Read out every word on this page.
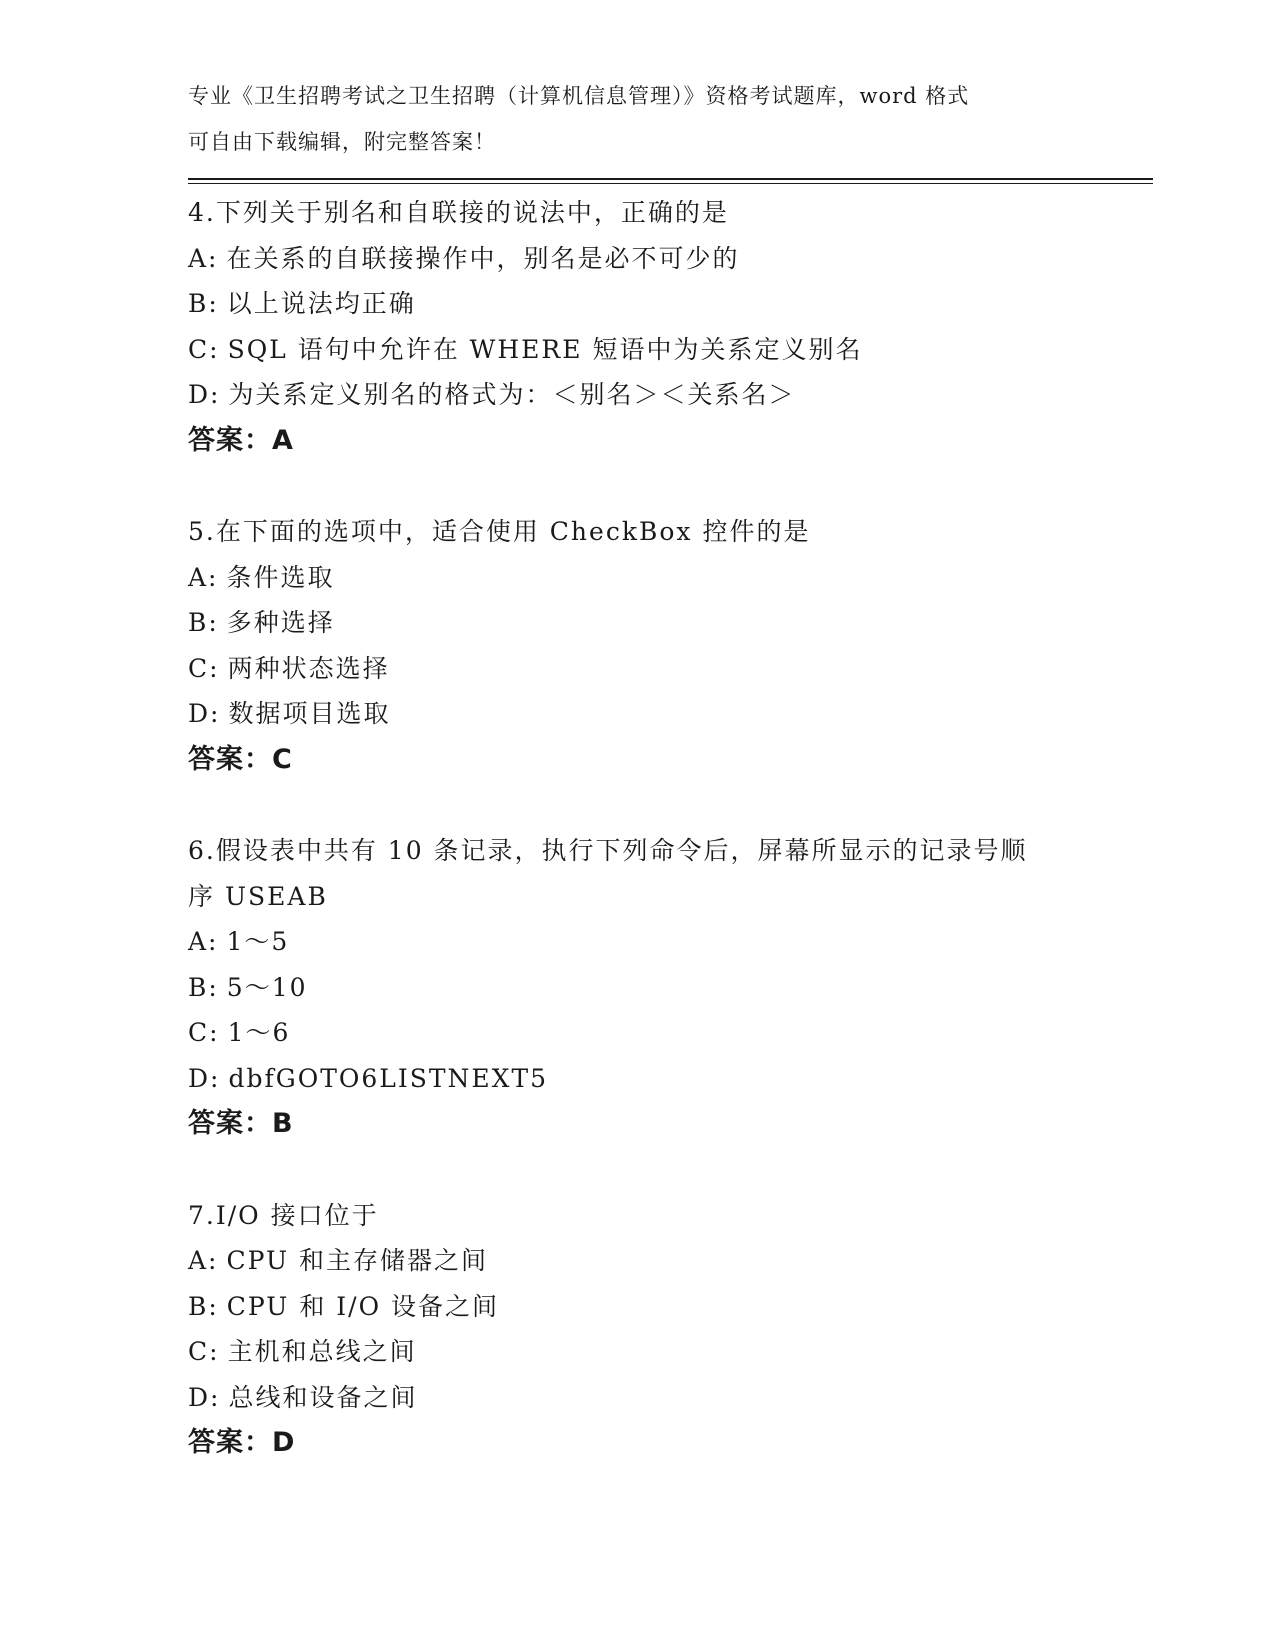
专业《卫生招聘考试之卫生招聘（计算机信息管理）》资格考试题库，word 格式
可自由下载编辑，附完整答案！
4.下列关于别名和自联接的说法中，正确的是
A: 在关系的自联接操作中，别名是必不可少的
B: 以上说法均正确
C: SQL 语句中允许在 WHERE 短语中为关系定义别名
D: 为关系定义别名的格式为：＜别名＞＜关系名＞
答案：A
5.在下面的选项中，适合使用 CheckBox 控件的是
A: 条件选取
B: 多种选择
C: 两种状态选择
D: 数据项目选取
答案：C
6.假设表中共有 10 条记录，执行下列命令后，屏幕所显示的记录号顺
序 USEAB
A: 1～5
B: 5～10
C: 1～6
D: dbfGOTO6LISTNEXT5
答案：B
7.I/O 接口位于
A: CPU 和主存储器之间
B: CPU 和 I/O 设备之间
C: 主机和总线之间
D: 总线和设备之间
答案：D
